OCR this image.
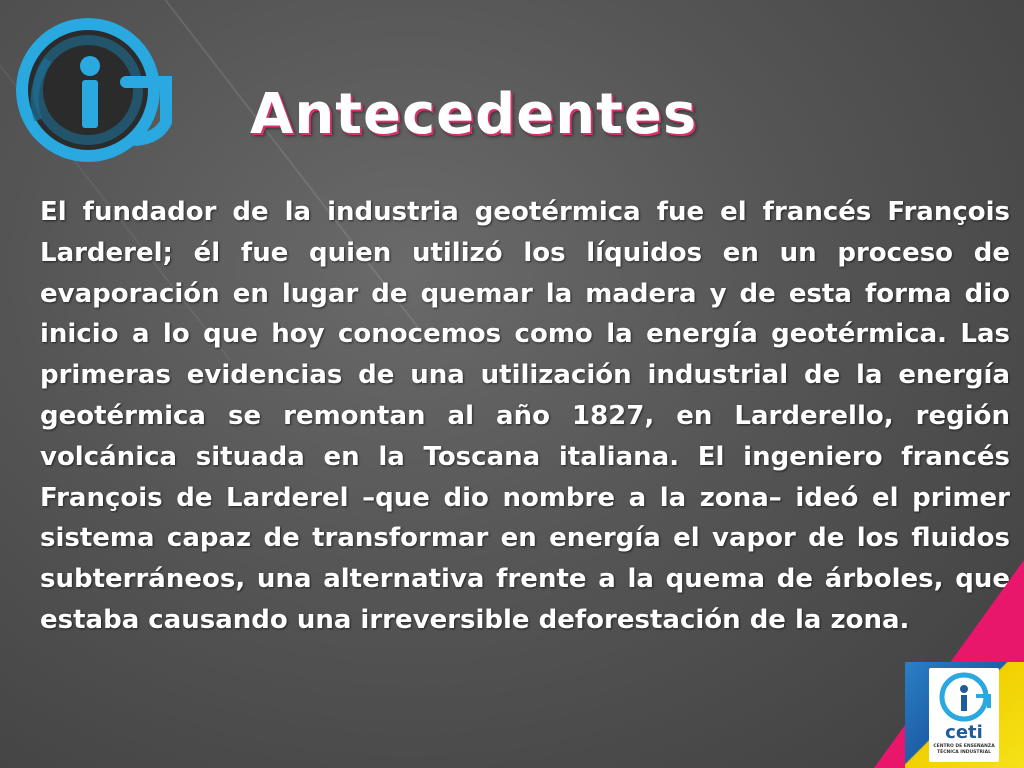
Antecedentes

El fundador de la industria geotérmica fue el francés François Larderel; él fue quien utilizó los líquidos en un proceso de evaporación en lugar de quemar la madera y de esta forma dio inicio a lo que hoy conocemos como la energía geotérmica. Las primeras evidencias de una utilización industrial de la energía geotérmica se remontan al año 1827, en Larderello, región volcánica situada en la Toscana italiana. El ingeniero francés François de Larderel –que dio nombre a la zona– ideó el primer sistema capaz de transformar en energía el vapor de los fluidos subterráneos, una alternativa frente a la quema de árboles, que estaba causando una irreversible deforestación de la zona.

ceti
CENTRO DE ENSEÑANZA
TÉCNICA INDUSTRIAL
